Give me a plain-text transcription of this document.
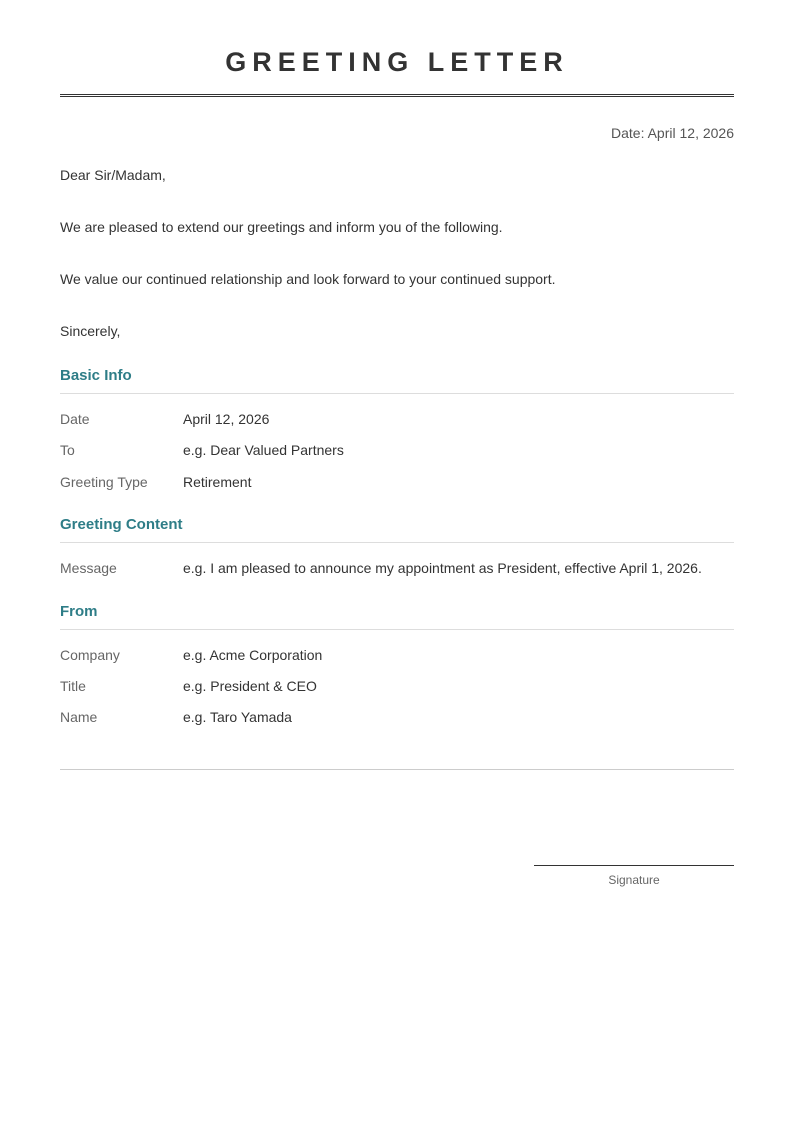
GREETING LETTER
Date: April 12, 2026
Dear Sir/Madam,
We are pleased to extend our greetings and inform you of the following.
We value our continued relationship and look forward to your continued support.
Sincerely,
Basic Info
Date	April 12, 2026
To	e.g. Dear Valued Partners
Greeting Type	Retirement
Greeting Content
Message	e.g. I am pleased to announce my appointment as President, effective April 1, 2026.
From
Company	e.g. Acme Corporation
Title	e.g. President & CEO
Name	e.g. Taro Yamada
Signature
